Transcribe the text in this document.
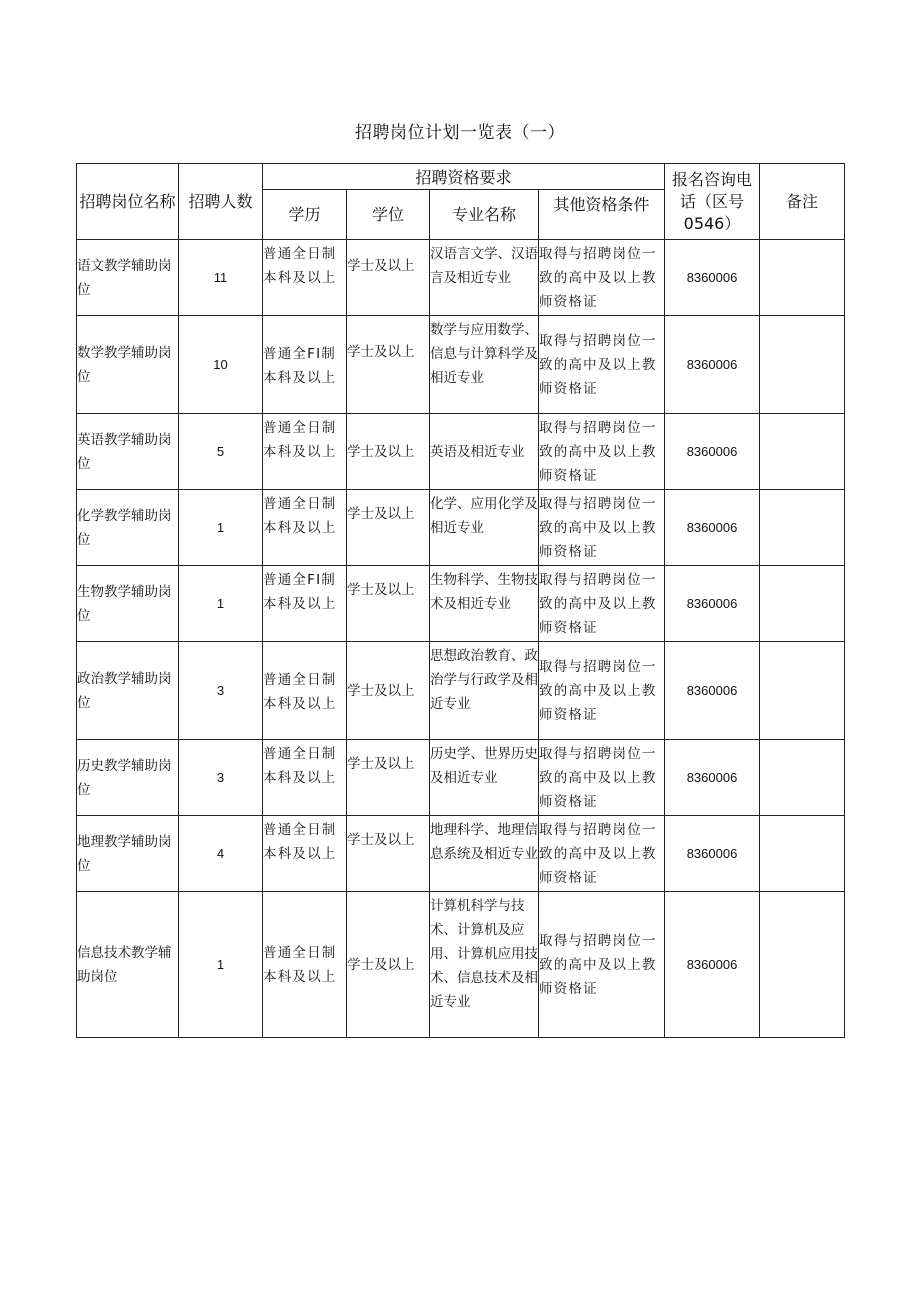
招聘岗位计划一览表（一）
招聘岗位名称	招聘人数	招聘资格要求				报名咨询电话（区号0546）	备注
		学历	学位	专业名称	其他资格条件		
语文教学辅助岗位	11	普通全日制本科及以上	学士及以上	汉语言文学、汉语言及相近专业	取得与招聘岗位一致的高中及以上教师资格证	8360006	
数学教学辅助岗位	10	普通全FI制本科及以上	学士及以上	数学与应用数学、信息与计算科学及相近专业	取得与招聘岗位一致的高中及以上教师资格证	8360006	
英语教学辅助岗位	5	普通全日制本科及以上	学士及以上	英语及相近专业	取得与招聘岗位一致的高中及以上教师资格证	8360006	
化学教学辅助岗位	1	普通全日制本科及以上	学士及以上	化学、应用化学及相近专业	取得与招聘岗位一致的高中及以上教师资格证	8360006	
生物教学辅助岗位	1	普通全FI制本科及以上	学士及以上	生物科学、生物技术及相近专业	取得与招聘岗位一致的高中及以上教师资格证	8360006	
政治教学辅助岗位	3	普通全日制本科及以上	学士及以上	思想政治教育、政治学与行政学及相近专业	取得与招聘岗位一致的高中及以上教师资格证	8360006	
历史教学辅助岗位	3	普通全日制本科及以上	学士及以上	历史学、世界历史及相近专业	取得与招聘岗位一致的高中及以上教师资格证	8360006	
地理教学辅助岗位	4	普通全日制本科及以上	学士及以上	地理科学、地理信息系统及相近专业	取得与招聘岗位一致的高中及以上教师资格证	8360006	
信息技术教学辅助岗位	1	普通全日制本科及以上	学士及以上	计算机科学与技术、计算机及应用、计算机应用技术、信息技术及相近专业	取得与招聘岗位一致的高中及以上教师资格证	8360006	
